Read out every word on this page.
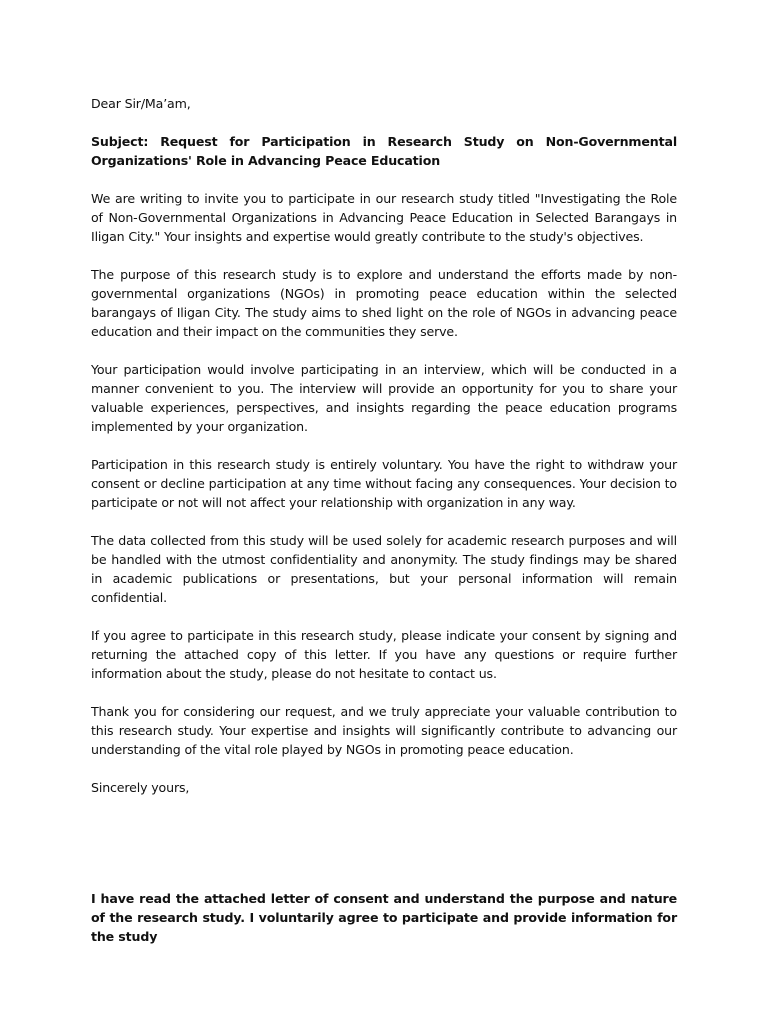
Dear Sir/Ma’am,

Subject: Request for Participation in Research Study on Non-Governmental Organizations' Role in Advancing Peace Education

We are writing to invite you to participate in our research study titled "Investigating the Role of Non-Governmental Organizations in Advancing Peace Education in Selected Barangays in Iligan City." Your insights and expertise would greatly contribute to the study's objectives.

The purpose of this research study is to explore and understand the efforts made by non-governmental organizations (NGOs) in promoting peace education within the selected barangays of Iligan City. The study aims to shed light on the role of NGOs in advancing peace education and their impact on the communities they serve.

Your participation would involve participating in an interview, which will be conducted in a manner convenient to you. The interview will provide an opportunity for you to share your valuable experiences, perspectives, and insights regarding the peace education programs implemented by your organization.

Participation in this research study is entirely voluntary. You have the right to withdraw your consent or decline participation at any time without facing any consequences. Your decision to participate or not will not affect your relationship with organization in any way.

The data collected from this study will be used solely for academic research purposes and will be handled with the utmost confidentiality and anonymity. The study findings may be shared in academic publications or presentations, but your personal information will remain confidential.

If you agree to participate in this research study, please indicate your consent by signing and returning the attached copy of this letter. If you have any questions or require further information about the study, please do not hesitate to contact us.

Thank you for considering our request, and we truly appreciate your valuable contribution to this research study. Your expertise and insights will significantly contribute to advancing our understanding of the vital role played by NGOs in promoting peace education.

Sincerely yours,

I have read the attached letter of consent and understand the purpose and nature of the research study. I voluntarily agree to participate and provide information for the study
